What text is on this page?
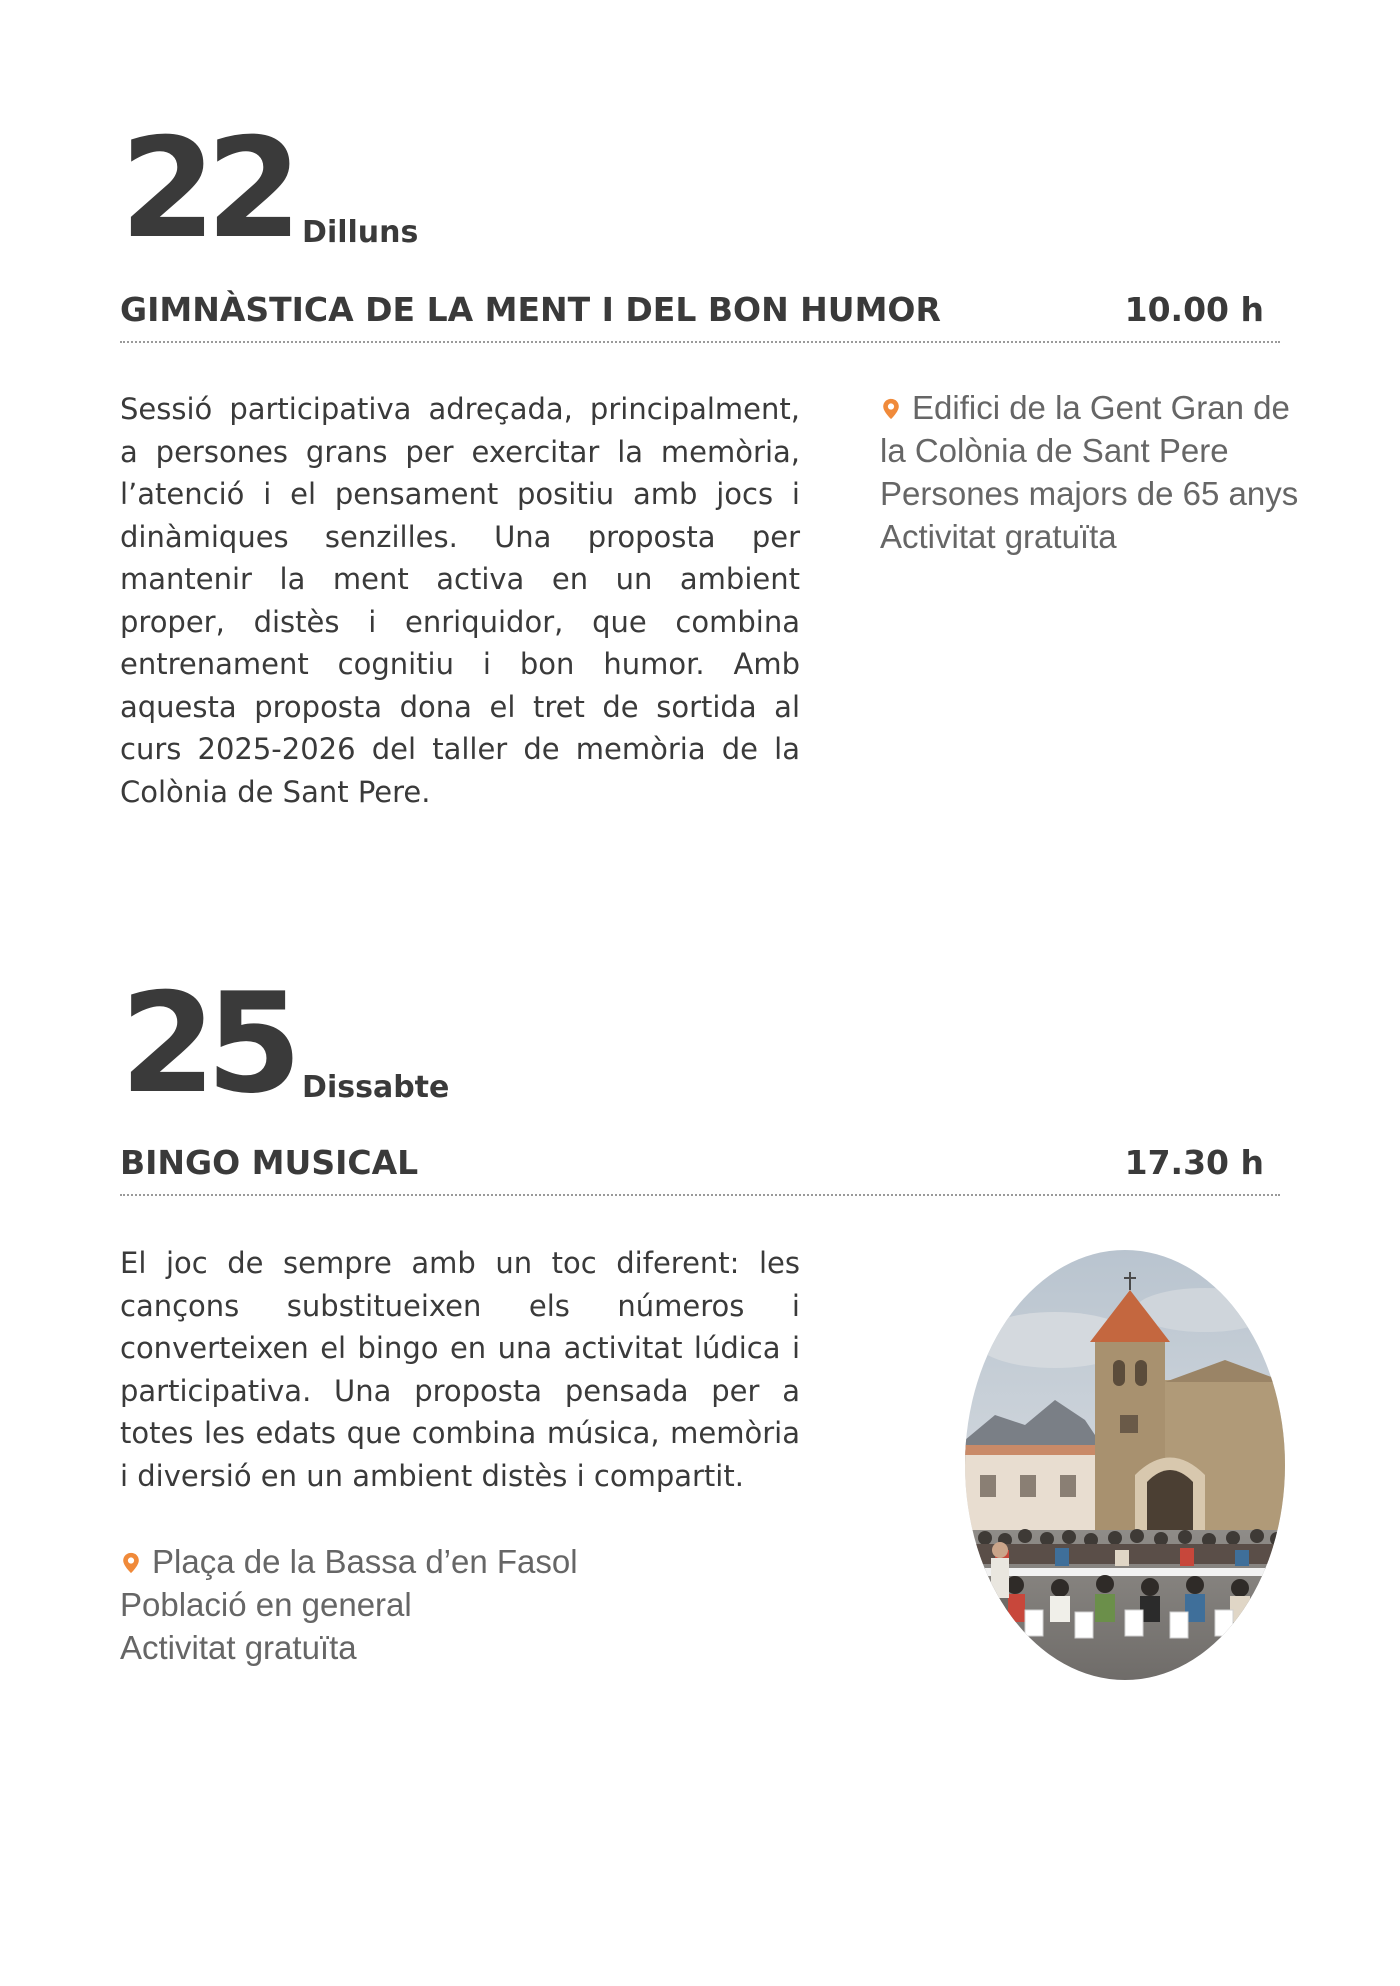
22 Dilluns
GIMNÀSTICA DE LA MENT I DEL BON HUMOR	10.00 h
Sessió participativa adreçada, principalment, a persones grans per exercitar la memòria, l’atenció i el pensament positiu amb jocs i dinàmiques senzilles. Una proposta per mantenir la ment activa en un ambient proper, distès i enriquidor, que combina entrenament cognitiu i bon humor. Amb aquesta proposta dona el tret de sortida al curs 2025-2026 del taller de memòria de la Colònia de Sant Pere.
Edifici de la Gent Gran de
la Colònia de Sant Pere
Persones majors de 65 anys
Activitat gratuïta
25 Dissabte
BINGO MUSICAL	17.30 h
El joc de sempre amb un toc diferent: les cançons substitueixen els números i converteixen el bingo en una activitat lúdica i participativa. Una proposta pensada per a totes les edats que combina música, memòria i diversió en un ambient distès i compartit.
Plaça de la Bassa d’en Fasol
Població en general
Activitat gratuïta
